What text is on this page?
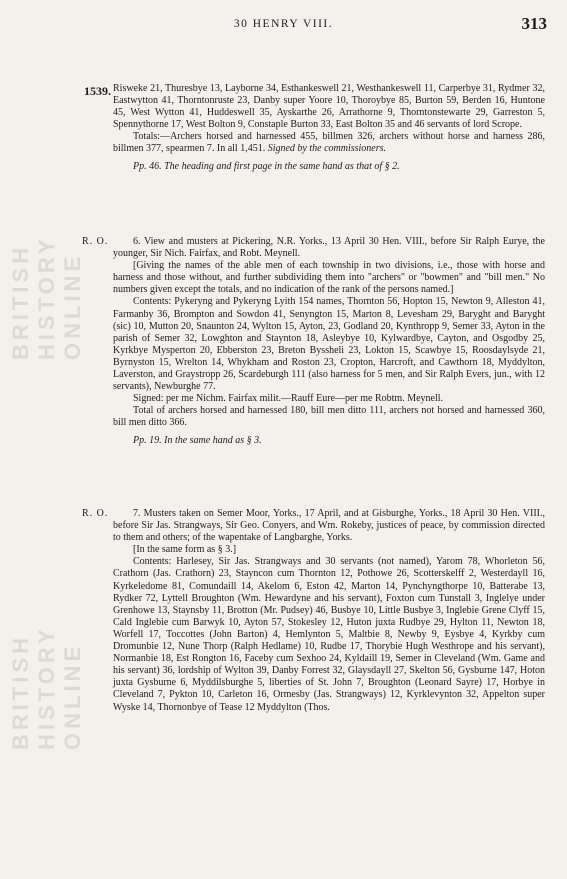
BRITISH HISTORY ONLINE
BRITISH HISTORY ONLINE
30 HENRY VIII.	313
1539. Risweke 21, Thuresbye 13, Layborne 34, Esthankeswell 21, Westhankeswell 11, Carperbye 31, Rydmer 32, Eastwytton 41, Thorntonruste 23, Danby super Yoore 10, Thoroybye 85, Burton 59, Berden 16, Huntone 45, West Wytton 41, Huddeswell 35, Ayskarthe 26, Arrathorne 9, Thorntonstewarte 29, Garreston 5, Spennythorne 17, West Bolton 9, Constaple Burton 33, East Bolton 35 and 46 servants of lord Scrope.

Totals:—Archers horsed and harnessed 455, billmen 326, archers without horse and harness 286, billmen 377, spearmen 7. In all 1,451. Signed by the commissioners.

Pp. 46. The heading and first page in the same hand as that of § 2.

R. O.	6. View and musters at Pickering, N.R. Yorks., 13 April 30 Hen. VIII., before Sir Ralph Eurye, the younger, Sir Nich. Fairfax, and Robt. Meynell.

[Giving the names of the able men of each township in two divisions, i.e., those with horse and harness and those without, and further subdividing them into "archers" or "bowmen" and "bill men." No numbers given except the totals, and no indication of the rank of the persons named.]

Contents: Pykeryng and Pykeryng Lyith 154 names, Thornton 56, Hopton 15, Newton 9, Alleston 41, Farmanby 36, Brompton and Sowdon 41, Senyngton 15, Marton 8, Levesham 29, Baryght and Baryght (sic) 10, Mutton 20, Snaunton 24, Wylton 15, Ayton, 23, Godland 20, Kynthropp 9, Semer 33, Ayton in the parish of Semer 32, Lowghton and Staynton 18, Asleybye 10, Kylwardbye, Cayton, and Osgodby 25, Kyrkbye Mysperton 20, Ebberston 23, Breton Byssheli 23, Lokton 15, Scawbye 15, Roosdaylsyde 21, Byrnyston 15, Wrelton 14, Whykham and Roston 23, Cropton, Harcroft, and Cawthorn 18, Myddylton, Laverston, and Graystropp 26, Scardeburgh 111 (also harness for 5 men, and Sir Ralph Evers, jun., with 12 servants), Newburghe 77.

Signed: per me Nichm. Fairfax milit.—Rauff Eure—per me Robtm. Meynell.

Total of archers horsed and harnessed 180, bill men ditto 111, archers not horsed and harnessed 360, bill men ditto 366.

Pp. 19. In the same hand as § 3.

R. O.	7. Musters taken on Semer Moor, Yorks., 17 April, and at Gisburghe, Yorks., 18 April 30 Hen. VIII., before Sir Jas. Strangways, Sir Geo. Conyers, and Wm. Rokeby, justices of peace, by commission directed to them and others; of the wapentake of Langbarghe, Yorks.

[In the same form as § 3.]

Contents: Harlesey, Sir Jas. Strangways and 30 servants (not named), Yarom 78, Whorleton 56, Crathorn (Jas. Crathorn) 23, Stayncon cum Thornton 12, Pothowe 26, Scotterskelff 2, Westerdayll 16, Kyrkeledome 81, Comundaill 14, Akelom 6, Eston 42, Marton 14, Pynchyngthorpe 10, Batterabe 13, Rydker 72, Lyttell Broughton (Wm. Hewardyne and his servant), Foxton cum Tunstall 3, Inglelye under Grenhowe 13, Staynsby 11, Brotton (Mr. Pudsey) 46, Busbye 10, Little Busbye 3, Inglebie Grene Clyff 15, Cald Inglebie cum Barwyk 10, Ayton 57, Stokesley 12, Huton juxta Rudbye 29, Hylton 11, Newton 18, Worfell 17, Toccottes (John Barton) 4, Hemlynton 5, Maltbie 8, Newby 9, Eysbye 4, Kyrkby cum Dromunbie 12, Nune Thorp (Ralph Hedlame) 10, Rudbe 17, Thorybie Hugh Westhrope and his servant), Normanbie 18, Est Rongton 16, Faceby cum Sexhoo 24, Kyldaill 19, Semer in Cleveland (Wm. Game and his servant) 36, lordship of Wylton 39, Danby Forrest 32, Glaysdayll 27, Skelton 56, Gysburne 147, Hoton juxta Gysburne 6, Myddilsburghe 5, liberties of St. John 7, Broughton (Leonard Sayre) 17, Horbye in Cleveland 7, Pykton 10, Carleton 16, Ormesby (Jas. Strangways) 12, Kyrklevynton 32, Appelton super Wyske 14, Thornonbye of Tease 12 Myddylton (Thos.
